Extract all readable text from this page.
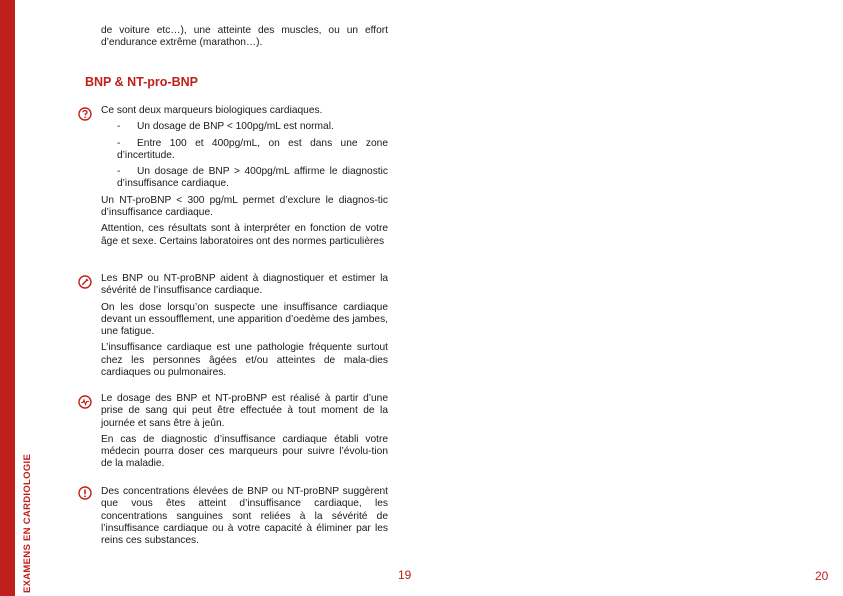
EXAMENS EN CARDIOLOGIE

de voiture etc…), une atteinte des muscles, ou un effort d’endurance extrême (marathon…).

BNP & NT-pro-BNP

Ce sont deux marqueurs biologiques cardiaques.

- Un dosage de BNP < 100pg/mL est normal.

- Entre 100 et 400pg/mL, on est dans une zone d’incertitude.

- Un dosage de BNP > 400pg/mL affirme le diagnostic d’insuffisance cardiaque.

Un NT-proBNP < 300 pg/mL permet d’exclure le diagnos-tic d’insuffisance cardiaque.

Attention, ces résultats sont à interpréter en fonction de votre âge et sexe. Certains laboratoires ont des normes particulières

Les BNP ou NT-proBNP aident à diagnostiquer et estimer la sévérité de l’insuffisance cardiaque.

On les dose lorsqu’on suspecte une insuffisance cardiaque devant un essoufflement, une apparition d’oedème des jambes, une fatigue.

L’insuffisance cardiaque est une pathologie fréquente surtout chez les personnes âgées et/ou atteintes de mala-dies cardiaques ou pulmonaires.

Le dosage des BNP et NT-proBNP est réalisé à partir d’une prise de sang qui peut être effectuée à tout moment de la journée et sans être à jeûn.

En cas de diagnostic d’insuffisance cardiaque établi votre médecin pourra doser ces marqueurs pour suivre l’évolu-tion de la maladie.

Des concentrations élevées de BNP ou NT-proBNP suggèrent que vous êtes atteint d’insuffisance cardiaque, les concentrations sanguines sont reliées à la sévérité de l’insuffisance cardiaque ou à votre capacité à éliminer par les reins ces substances.

19	20
